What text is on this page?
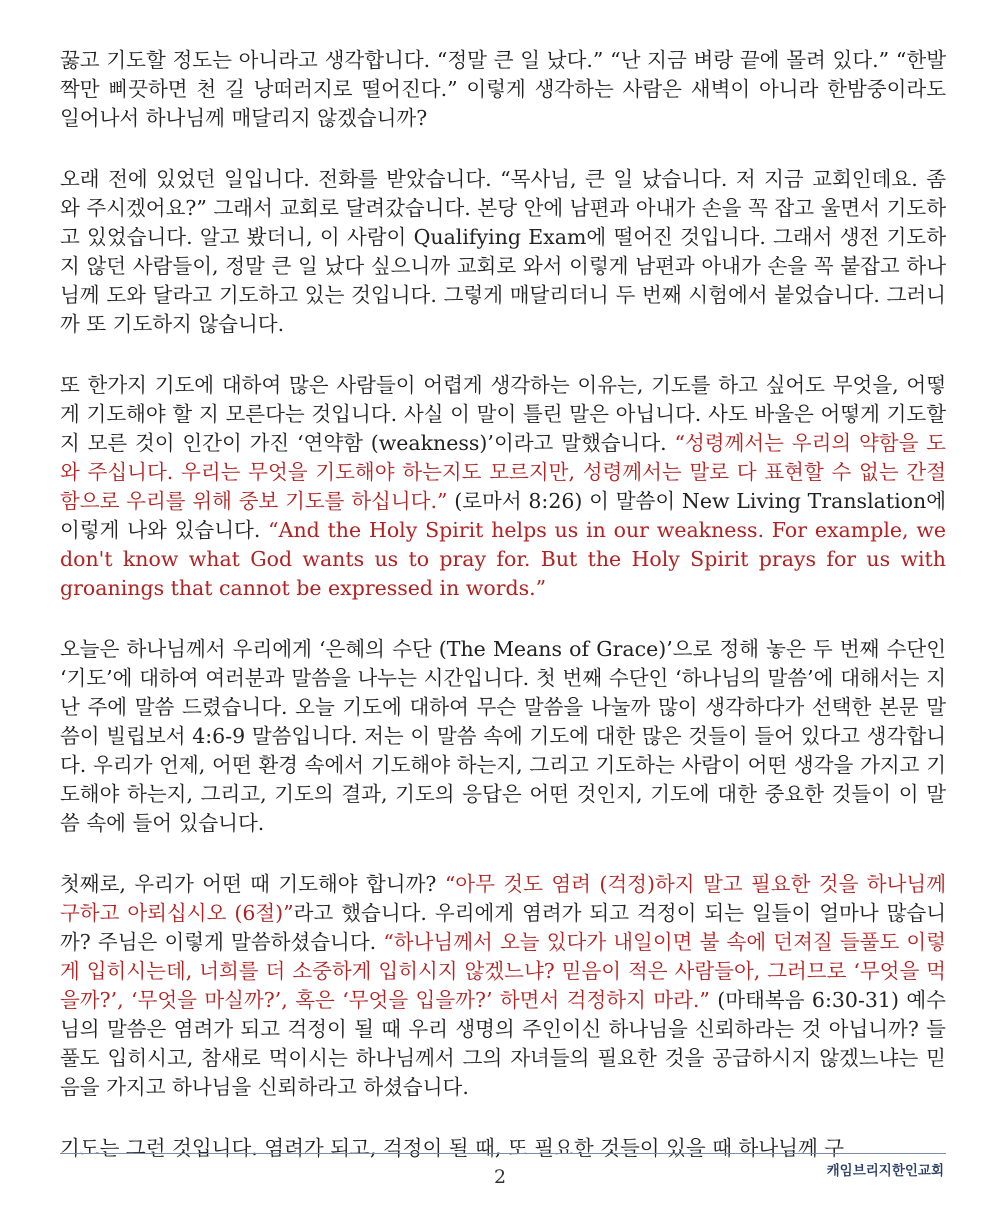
꿇고 기도할 정도는 아니라고 생각합니다. “정말 큰 일 났다.” “난 지금 벼랑 끝에 몰려 있다.” “한발짝만 삐끗하면 천 길 낭떠러지로 떨어진다.” 이렇게 생각하는 사람은 새벽이 아니라 한밤중이라도 일어나서 하나님께 매달리지 않겠습니까?

오래 전에 있었던 일입니다. 전화를 받았습니다. “목사님, 큰 일 났습니다. 저 지금 교회인데요. 좀 와 주시겠어요?” 그래서 교회로 달려갔습니다. 본당 안에 남편과 아내가 손을 꼭 잡고 울면서 기도하고 있었습니다. 알고 봤더니, 이 사람이 Qualifying Exam에 떨어진 것입니다. 그래서 생전 기도하지 않던 사람들이, 정말 큰 일 났다 싶으니까 교회로 와서 이렇게 남편과 아내가 손을 꼭 붙잡고 하나님께 도와 달라고 기도하고 있는 것입니다. 그렇게 매달리더니 두 번째 시험에서 붙었습니다. 그러니까 또 기도하지 않습니다.

또 한가지 기도에 대하여 많은 사람들이 어렵게 생각하는 이유는, 기도를 하고 싶어도 무엇을, 어떻게 기도해야 할 지 모른다는 것입니다. 사실 이 말이 틀린 말은 아닙니다. 사도 바울은 어떻게 기도할 지 모른 것이 인간이 가진 ‘연약함 (weakness)’이라고 말했습니다. “성령께서는 우리의 약함을 도와 주십니다. 우리는 무엇을 기도해야 하는지도 모르지만, 성령께서는 말로 다 표현할 수 없는 간절함으로 우리를 위해 중보 기도를 하십니다.” (로마서 8:26) 이 말씀이 New Living Translation에 이렇게 나와 있습니다. “And the Holy Spirit helps us in our weakness. For example, we don't know what God wants us to pray for. But the Holy Spirit prays for us with groanings that cannot be expressed in words.”

오늘은 하나님께서 우리에게 ‘은혜의 수단 (The Means of Grace)’으로 정해 놓은 두 번째 수단인 ‘기도’에 대하여 여러분과 말씀을 나누는 시간입니다. 첫 번째 수단인 ‘하나님의 말씀’에 대해서는 지난 주에 말씀 드렸습니다. 오늘 기도에 대하여 무슨 말씀을 나눌까 많이 생각하다가 선택한 본문 말씀이 빌립보서 4:6-9 말씀입니다. 저는 이 말씀 속에 기도에 대한 많은 것들이 들어 있다고 생각합니다. 우리가 언제, 어떤 환경 속에서 기도해야 하는지, 그리고 기도하는 사람이 어떤 생각을 가지고 기도해야 하는지, 그리고, 기도의 결과, 기도의 응답은 어떤 것인지, 기도에 대한 중요한 것들이 이 말씀 속에 들어 있습니다.

첫째로, 우리가 어떤 때 기도해야 합니까? “아무 것도 염려 (걱정)하지 말고 필요한 것을 하나님께 구하고 아뢰십시오 (6절)”라고 했습니다. 우리에게 염려가 되고 걱정이 되는 일들이 얼마나 많습니까? 주님은 이렇게 말씀하셨습니다. “하나님께서 오늘 있다가 내일이면 불 속에 던져질 들풀도 이렇게 입히시는데, 너희를 더 소중하게 입히시지 않겠느냐? 믿음이 적은 사람들아, 그러므로 ‘무엇을 먹을까?’, ‘무엇을 마실까?’, 혹은 ‘무엇을 입을까?’ 하면서 걱정하지 마라.” (마태복음 6:30-31) 예수님의 말씀은 염려가 되고 걱정이 될 때 우리 생명의 주인이신 하나님을 신뢰하라는 것 아닙니까? 들풀도 입히시고, 참새로 먹이시는 하나님께서 그의 자녀들의 필요한 것을 공급하시지 않겠느냐는 믿음을 가지고 하나님을 신뢰하라고 하셨습니다.

기도는 그런 것입니다. 염려가 되고, 걱정이 될 때, 또 필요한 것들이 있을 때 하나님께 구

2	캐임브리지한인교회
